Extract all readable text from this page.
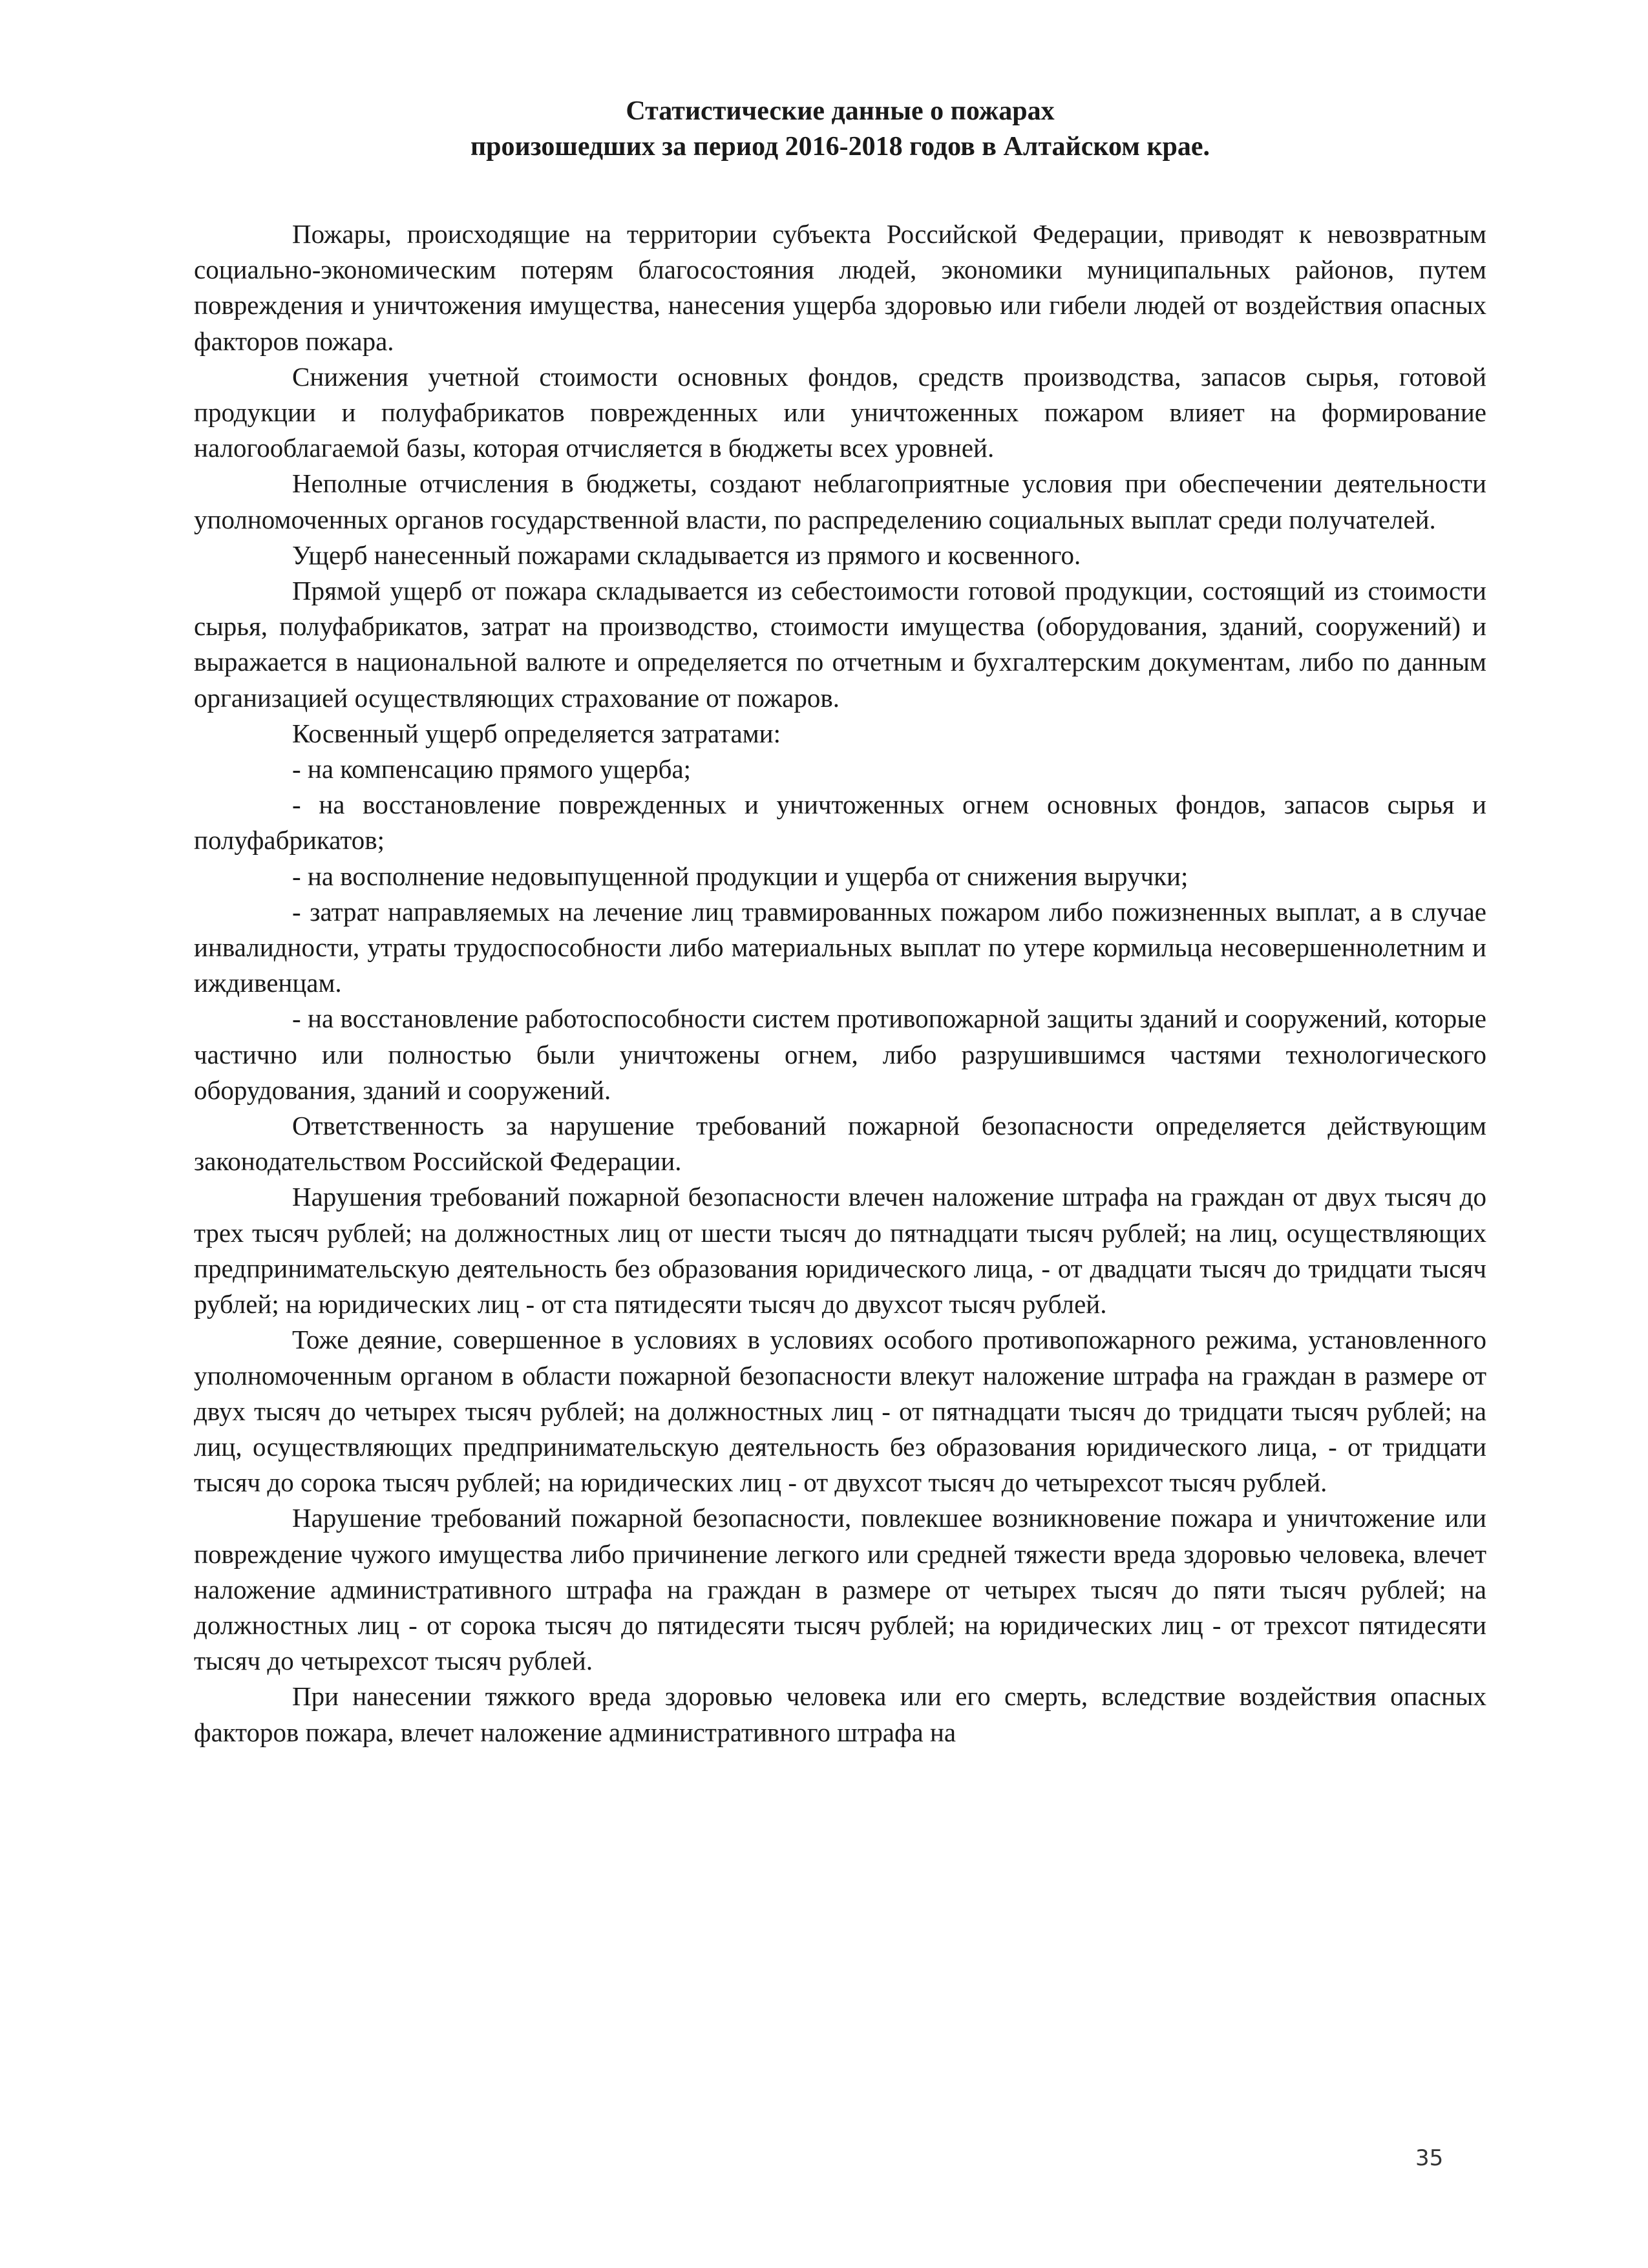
Статистические данные о пожарах
произошедших за период 2016-2018 годов в Алтайском крае.

Пожары, происходящие на территории субъекта Российской Федерации, приводят к невозвратным социально-экономическим потерям благосостояния людей, экономики муниципальных районов, путем повреждения и уничтожения имущества, нанесения ущерба здоровью или гибели людей от воздействия опасных факторов пожара.

Снижения учетной стоимости основных фондов, средств производства, запасов сырья, готовой продукции и полуфабрикатов поврежденных или уничтоженных пожаром влияет на формирование налогооблагаемой базы, которая отчисляется в бюджеты всех уровней.

Неполные отчисления в бюджеты, создают неблагоприятные условия при обеспечении деятельности уполномоченных органов государственной власти, по распределению социальных выплат среди получателей.

Ущерб нанесенный пожарами складывается из прямого и косвенного.

Прямой ущерб от пожара складывается из себестоимости готовой продукции, состоящий из стоимости сырья, полуфабрикатов, затрат на производство, стоимости имущества (оборудования, зданий, сооружений) и выражается в национальной валюте и определяется по отчетным и бухгалтерским документам, либо по данным организацией осуществляющих страхование от пожаров.

Косвенный ущерб определяется затратами:

- на компенсацию прямого ущерба;

- на восстановление поврежденных и уничтоженных огнем основных фондов, запасов сырья и полуфабрикатов;

- на восполнение недовыпущенной продукции и ущерба от снижения выручки;

- затрат направляемых на лечение лиц травмированных пожаром либо пожизненных выплат, а в случае инвалидности, утраты трудоспособности либо материальных выплат по утере кормильца несовершеннолетним и иждивенцам.

- на восстановление работоспособности систем противопожарной защиты зданий и сооружений, которые частично или полностью были уничтожены огнем, либо разрушившимся частями технологического оборудования, зданий и сооружений.

Ответственность за нарушение требований пожарной безопасности определяется действующим законодательством Российской Федерации.

Нарушения требований пожарной безопасности влечен наложение штрафа на граждан от двух тысяч до трех тысяч рублей; на должностных лиц от шести тысяч до пятнадцати тысяч рублей; на лиц, осуществляющих предпринимательскую деятельность без образования юридического лица, - от двадцати тысяч до тридцати тысяч рублей; на юридических лиц - от ста пятидесяти тысяч до двухсот тысяч рублей.

Тоже деяние, совершенное в условиях в условиях особого противопожарного режима, установленного уполномоченным органом в области пожарной безопасности влекут наложение штрафа на граждан в размере от двух тысяч до четырех тысяч рублей; на должностных лиц - от пятнадцати тысяч до тридцати тысяч рублей; на лиц, осуществляющих предпринимательскую деятельность без образования юридического лица, - от тридцати тысяч до сорока тысяч рублей; на юридических лиц - от двухсот тысяч до четырехсот тысяч рублей.

Нарушение требований пожарной безопасности, повлекшее возникновение пожара и уничтожение или повреждение чужого имущества либо причинение легкого или средней тяжести вреда здоровью человека, влечет наложение административного штрафа на граждан в размере от четырех тысяч до пяти тысяч рублей; на должностных лиц - от сорока тысяч до пятидесяти тысяч рублей; на юридических лиц - от трехсот пятидесяти тысяч до четырехсот тысяч рублей.

При нанесении тяжкого вреда здоровью человека или его смерть, вследствие воздействия опасных факторов пожара, влечет наложение административного штрафа на

35
